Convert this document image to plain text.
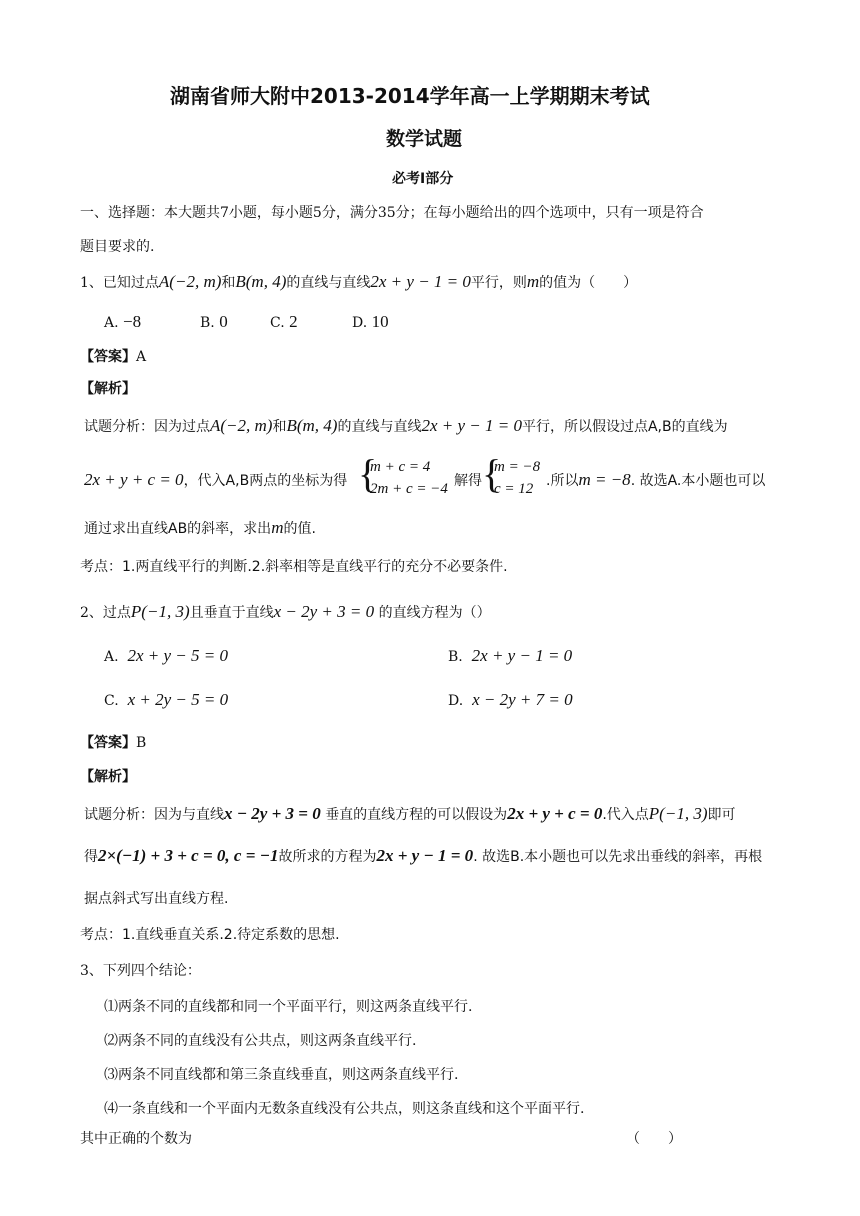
湖南省师大附中2013-2014学年高一上学期期末考试
数学试题
必考Ⅰ部分
一、选择题：本大题共7小题，每小题5分，满分35分；在每小题给出的四个选项中，只有一项是符合
题目要求的.
1、已知过点A(−2, m)和B(m, 4)的直线与直线2x + y − 1 = 0平行，则m的值为（　　）
A. −8	B. 0	C. 2	D. 10
【答案】A
【解析】
试题分析：因为过点A(−2, m)和B(m, 4)的直线与直线2x + y − 1 = 0平行，所以假设过点A,B的直线为
2x + y + c = 0，代入A,B两点的坐标为得 {
m + c = 4
2m + c = −4 解得 {
m = −8
c = 12 .所以m = −8. 故选A.本小题也可以
通过求出直线AB的斜率，求出m的值.
考点：1.两直线平行的判断.2.斜率相等是直线平行的充分不必要条件.
2、过点P(−1, 3)且垂直于直线x − 2y + 3 = 0 的直线方程为（）
A. 2x + y − 5 = 0	B. 2x + y − 1 = 0
C. x + 2y − 5 = 0	D. x − 2y + 7 = 0
【答案】B
【解析】
试题分析：因为与直线x − 2y + 3 = 0 垂直的直线方程的可以假设为2x + y + c = 0.代入点P(−1, 3)即可
得2×(−1) + 3 + c = 0, c = −1故所求的方程为2x + y − 1 = 0. 故选B.本小题也可以先求出垂线的斜率，再根
据点斜式写出直线方程.
考点：1.直线垂直关系.2.待定系数的思想.
3、下列四个结论：
⑴两条不同的直线都和同一个平面平行，则这两条直线平行.
⑵两条不同的直线没有公共点，则这两条直线平行.
⑶两条不同直线都和第三条直线垂直，则这两条直线平行.
⑷一条直线和一个平面内无数条直线没有公共点，则这条直线和这个平面平行.
其中正确的个数为	（　　）
